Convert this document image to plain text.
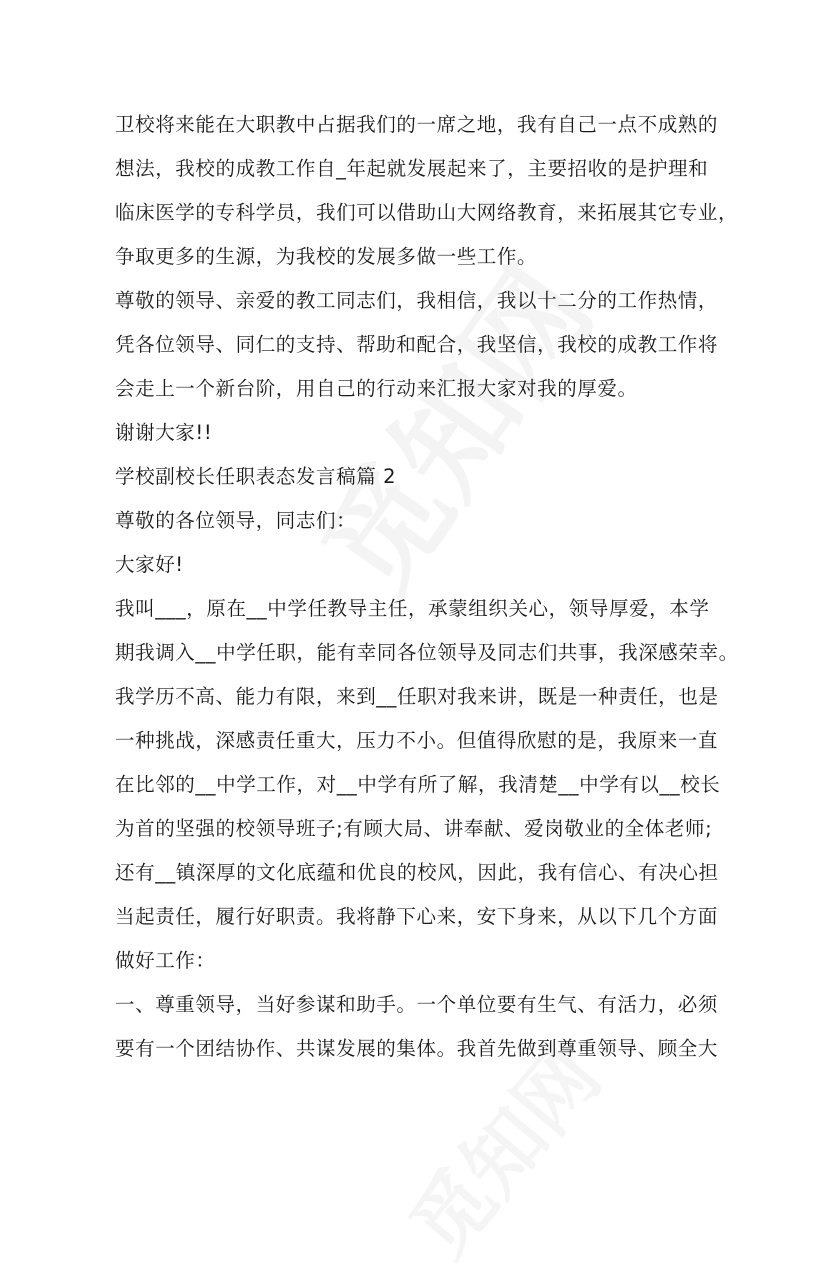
卫校将来能在大职教中占据我们的一席之地，我有自己一点不成熟的
想法，我校的成教工作自_年起就发展起来了，主要招收的是护理和
临床医学的专科学员，我们可以借助山大网络教育，来拓展其它专业，
争取更多的生源，为我校的发展多做一些工作。
尊敬的领导、亲爱的教工同志们，我相信，我以十二分的工作热情，
凭各位领导、同仁的支持、帮助和配合，我坚信，我校的成教工作将
会走上一个新台阶，用自己的行动来汇报大家对我的厚爱。
谢谢大家!!
学校副校长任职表态发言稿篇 2
尊敬的各位领导，同志们：
大家好!
我叫___，原在__中学任教导主任，承蒙组织关心，领导厚爱，本学
期我调入__中学任职，能有幸同各位领导及同志们共事，我深感荣幸。
我学历不高、能力有限，来到__任职对我来讲，既是一种责任，也是
一种挑战，深感责任重大，压力不小。但值得欣慰的是，我原来一直
在比邻的__中学工作，对__中学有所了解，我清楚__中学有以__校长
为首的坚强的校领导班子;有顾大局、讲奉献、爱岗敬业的全体老师;
还有__镇深厚的文化底蕴和优良的校风，因此，我有信心、有决心担
当起责任，履行好职责。我将静下心来，安下身来，从以下几个方面
做好工作：
一、尊重领导，当好参谋和助手。一个单位要有生气、有活力，必须
要有一个团结协作、共谋发展的集体。我首先做到尊重领导、顾全大
